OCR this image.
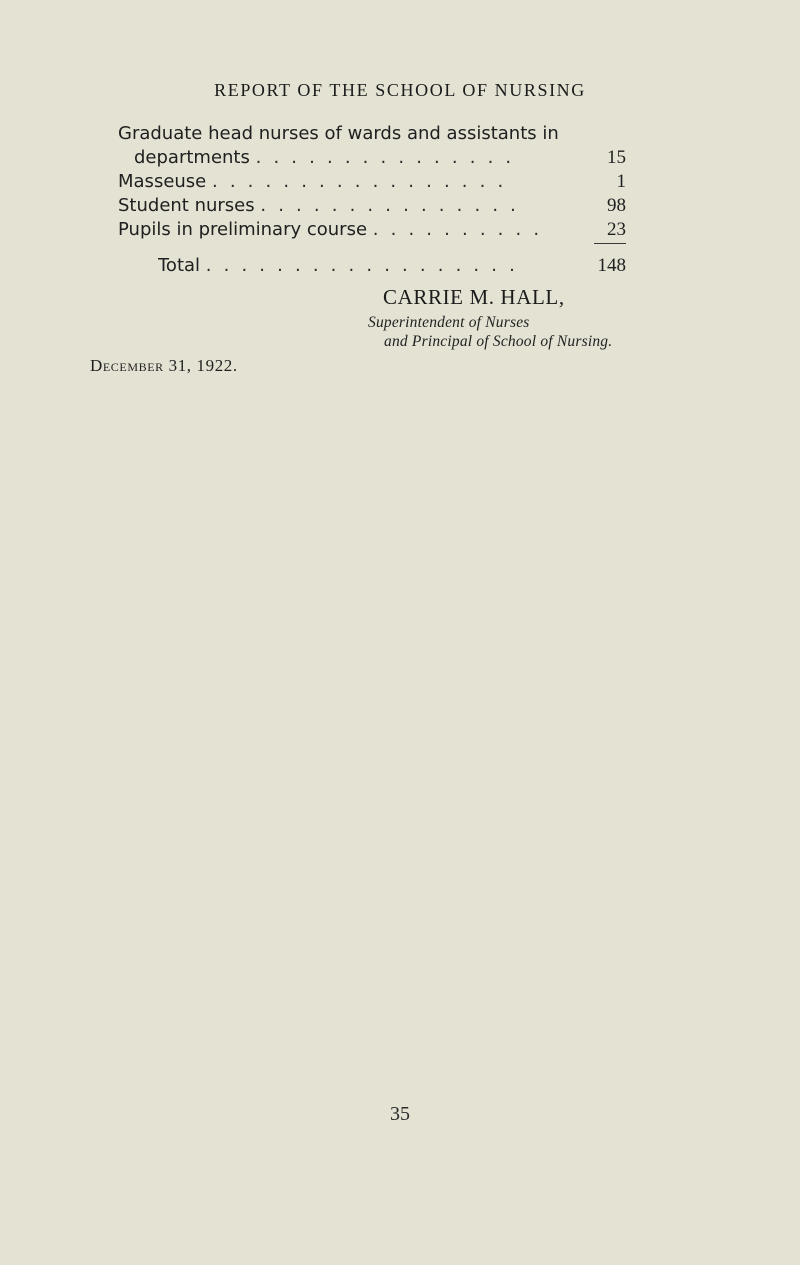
REPORT OF THE SCHOOL OF NURSING
Graduate head nurses of wards and assistants in
departments . . . . . . . . . . . . . . .	15
Masseuse . . . . . . . . . . . . . . . . .	1
Student nurses . . . . . . . . . . . . . . .	98
Pupils in preliminary course . . . . . . . . . .	23
Total . . . . . . . . . . . . . . . . . .	148
CARRIE M. HALL,
Superintendent of Nurses
and Principal of School of Nursing.
December 31, 1922.
35
